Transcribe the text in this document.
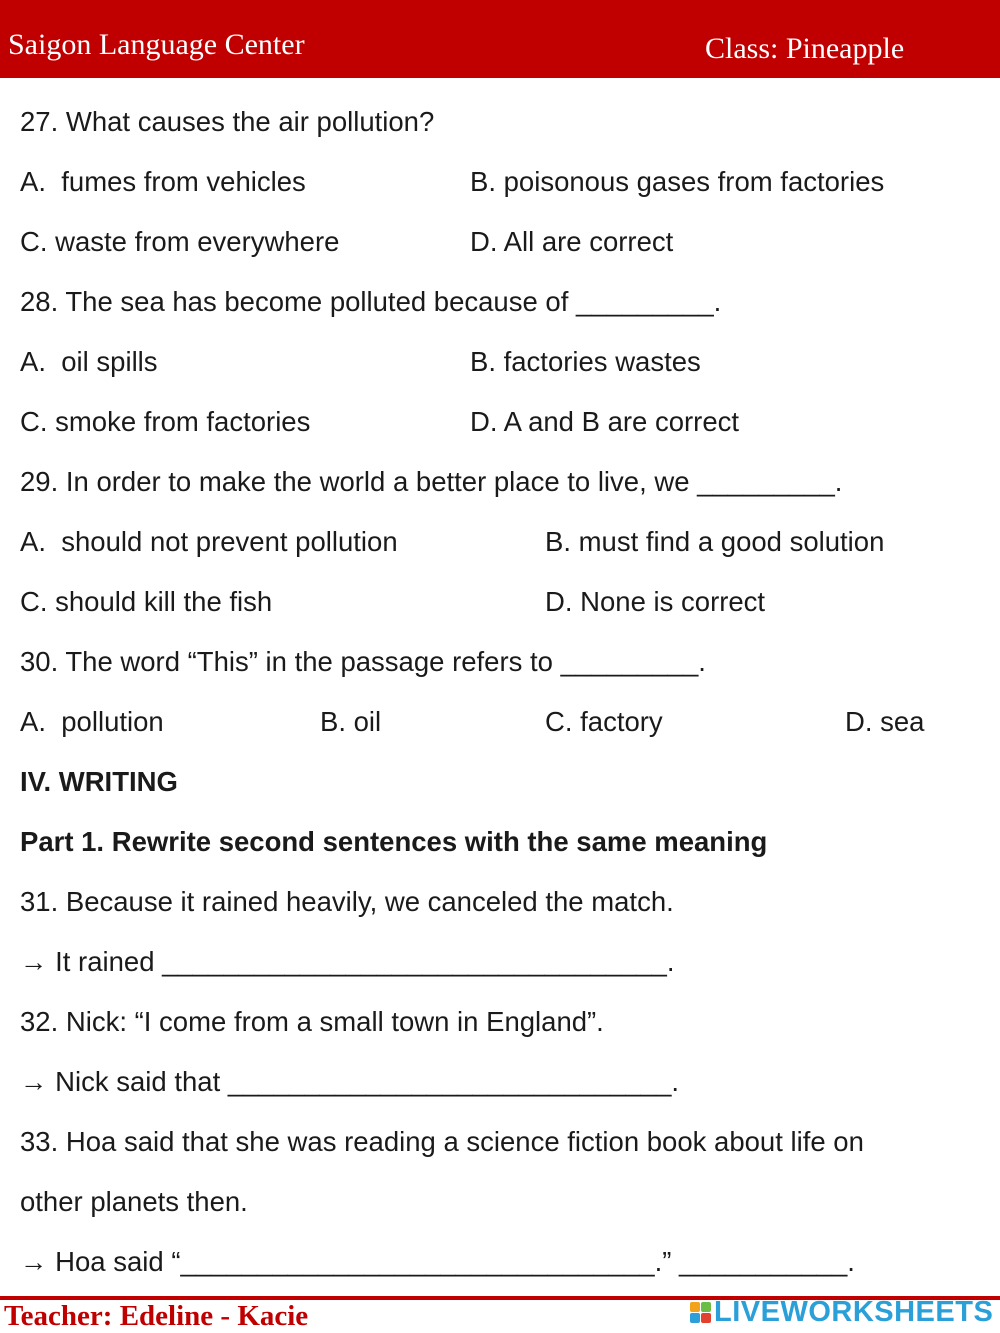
Saigon Language Center	Class: Pineapple
27. What causes the air pollution?
A.  fumes from vehicles	B. poisonous gases from factories
C. waste from everywhere	D. All are correct
28. The sea has become polluted because of _________.
A.  oil spills	B. factories wastes
C. smoke from factories	D. A and B are correct
29. In order to make the world a better place to live, we _________.
A.  should not prevent pollution	B. must find a good solution
C. should kill the fish	D. None is correct
30. The word “This” in the passage refers to _________.
A.  pollution	B. oil	C. factory	D. sea
IV. WRITING
Part 1. Rewrite second sentences with the same meaning
31. Because it rained heavily, we canceled the match.
→ It rained _________________________________.
32. Nick: “I come from a small town in England”.
→ Nick said that _____________________________.
33. Hoa said that she was reading a science fiction book about life on
other planets then.
→ Hoa said “_______________________________.” ___________.
Teacher: Edeline - Kacie	LIVEWORKSHEETS
